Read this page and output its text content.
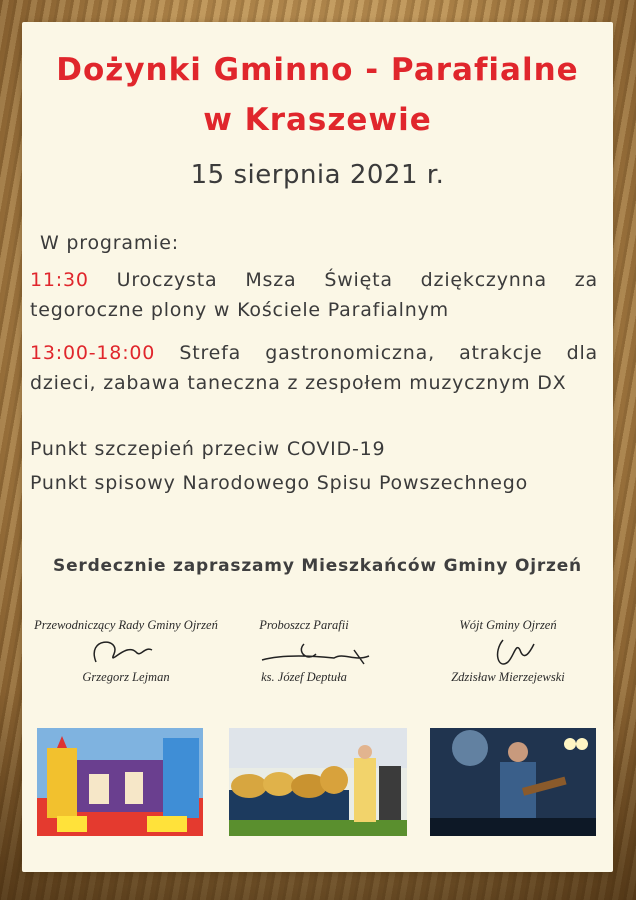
Dożynki Gminno - Parafialne
w Kraszewie
15 sierpnia 2021 r.
W programie:
11:30 Uroczysta Msza Święta dziękczynna za tegoroczne plony w Kościele Parafialnym
13:00-18:00 Strefa gastronomiczna, atrakcje dla dzieci, zabawa taneczna z zespołem muzycznym DX
Punkt szczepień przeciw COVID-19
Punkt spisowy Narodowego Spisu Powszechnego
Serdecznie zapraszamy Mieszkańców Gminy Ojrzeń
Przewodniczący Rady Gminy Ojrzeń
Grzegorz Lejman
Proboszcz Parafii
ks. Józef Deptuła
Wójt Gminy Ojrzeń
Zdzisław Mierzejewski
